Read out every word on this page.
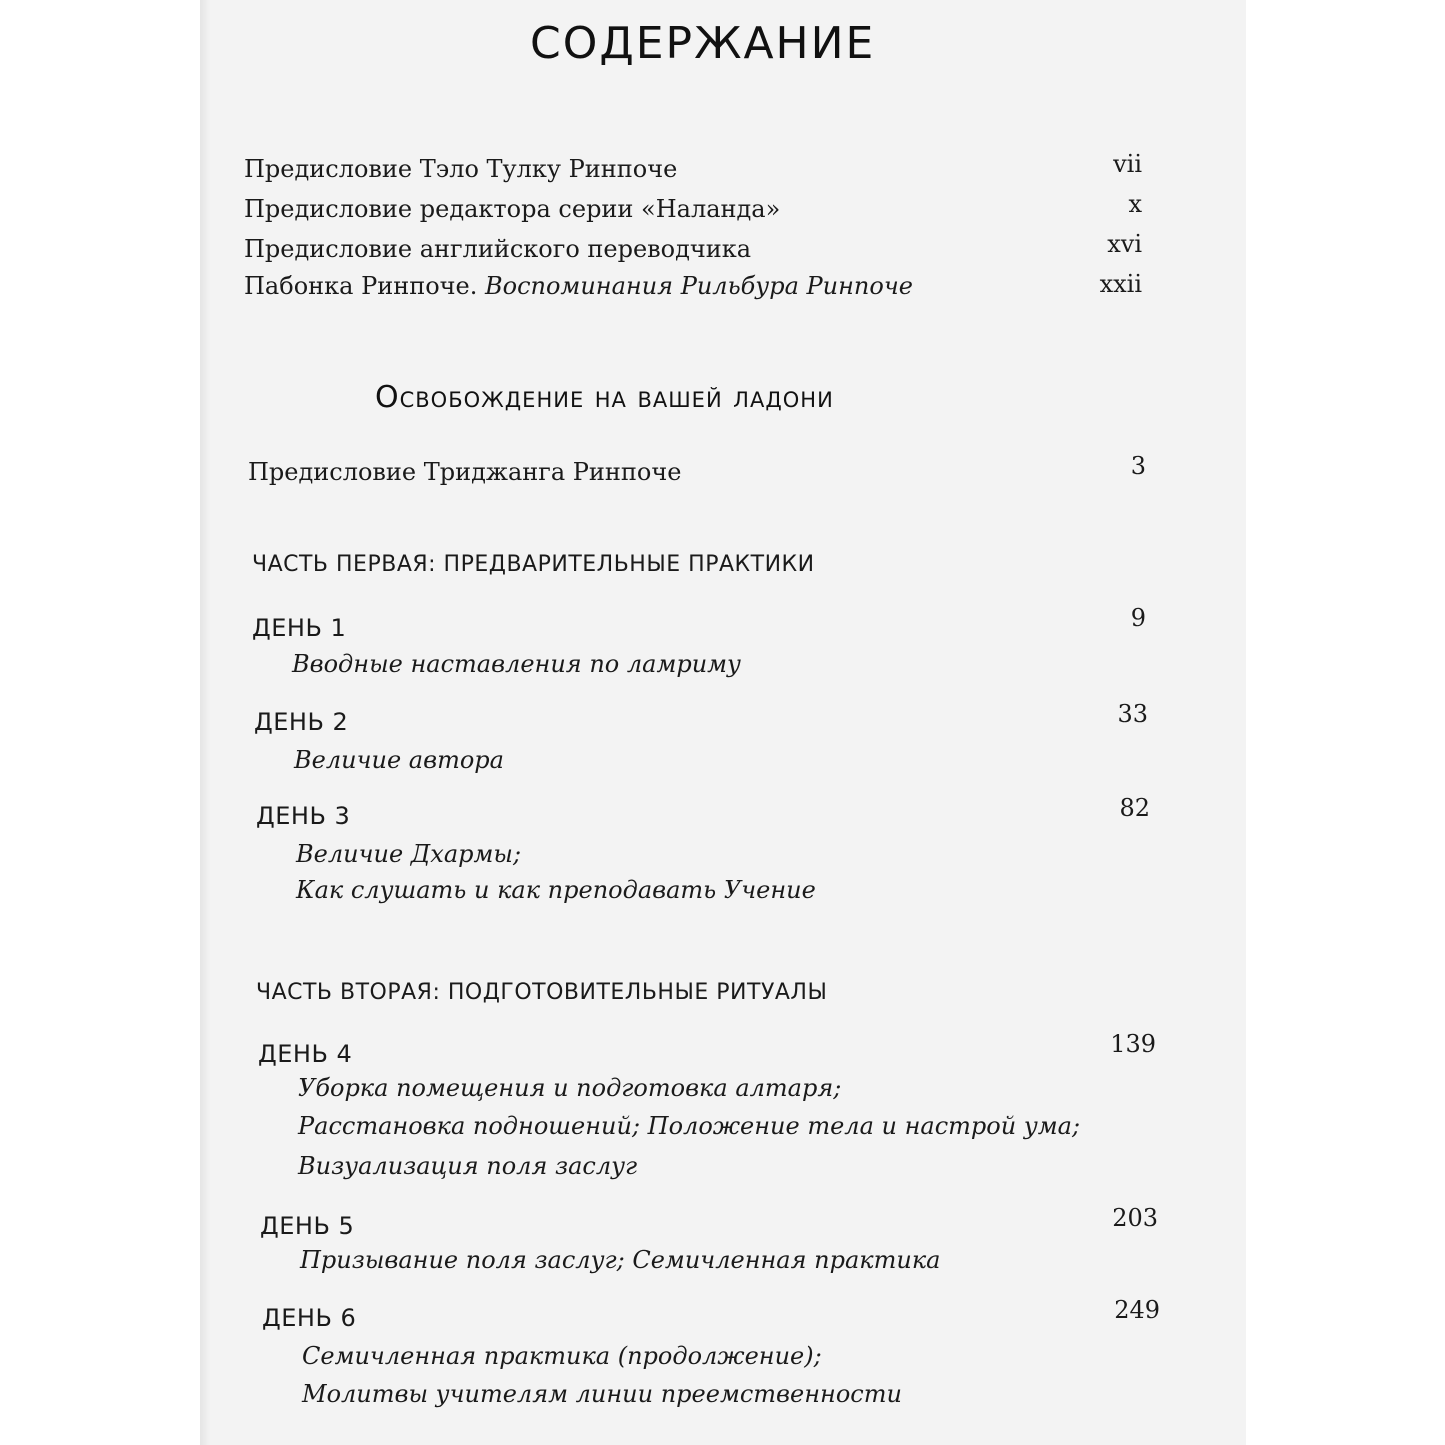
СОДЕРЖАНИЕ
Предисловие Тэло Тулку Ринпоче	vii
Предисловие редактора серии «Наланда»	x
Предисловие английского переводчика	xvi
Пабонка Ринпоче. Воспоминания Рильбура Ринпоче	xxii
Освобождение на вашей ладони
Предисловие Триджанга Ринпоче	3
ЧАСТЬ ПЕРВАЯ: ПРЕДВАРИТЕЛЬНЫЕ ПРАКТИКИ
ДЕНЬ 1	9
Вводные наставления по ламриму
ДЕНЬ 2	33
Величие автора
ДЕНЬ 3	82
Величие Дхармы;
Как слушать и как преподавать Учение
ЧАСТЬ ВТОРАЯ: ПОДГОТОВИТЕЛЬНЫЕ РИТУАЛЫ
ДЕНЬ 4	139
Уборка помещения и подготовка алтаря;
Расстановка подношений; Положение тела и настрой ума;
Визуализация поля заслуг
ДЕНЬ 5	203
Призывание поля заслуг; Семичленная практика
ДЕНЬ 6	249
Семичленная практика (продолжение);
Молитвы учителям линии преемственности
